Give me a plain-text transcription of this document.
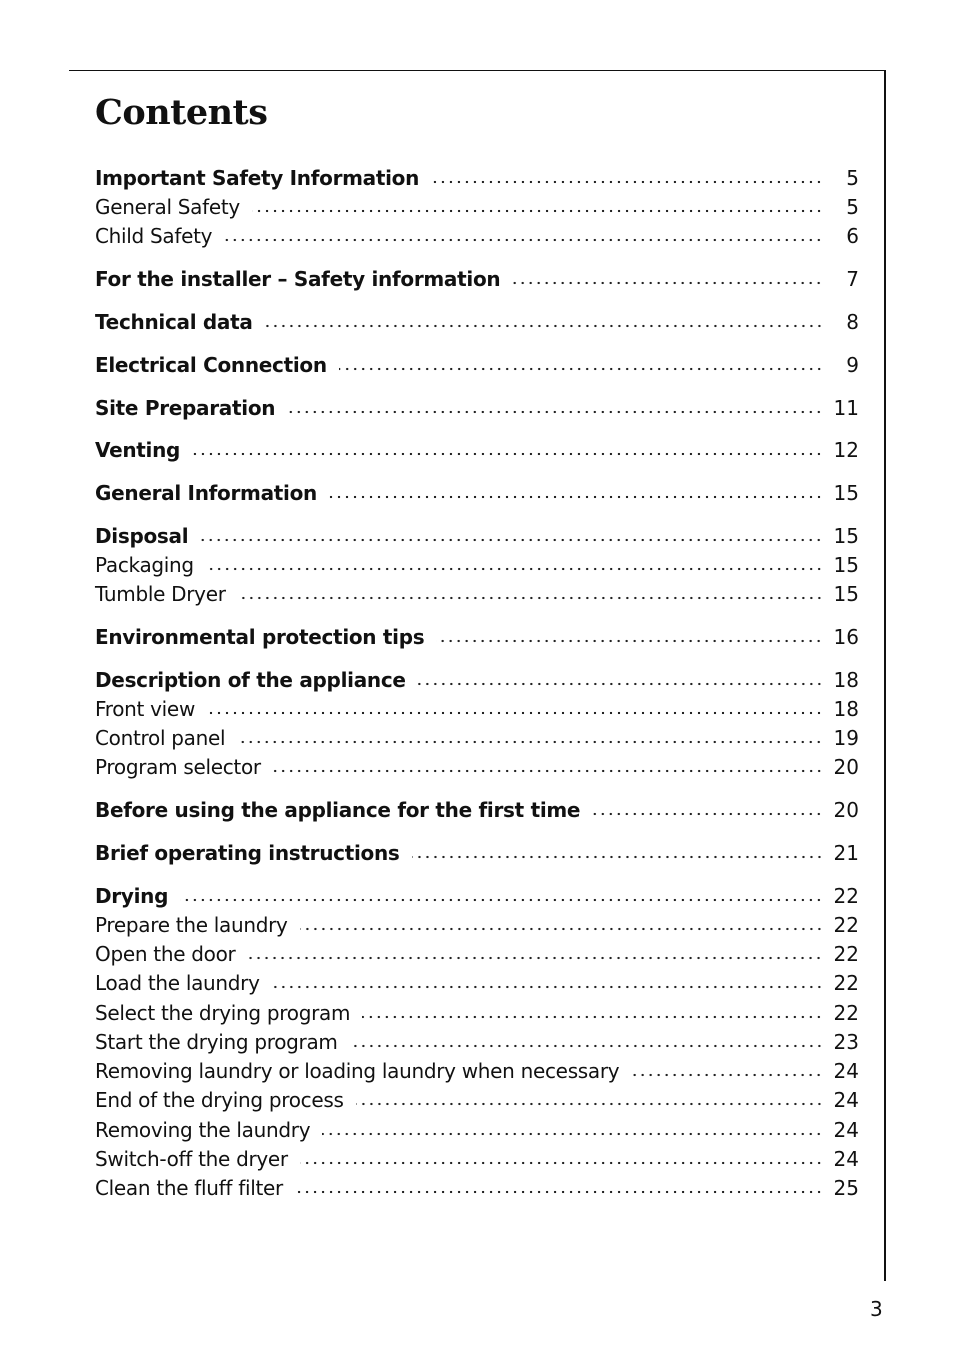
Contents
Important Safety Information	5
General Safety	5
Child Safety	6
For the installer – Safety information	7
Technical data	8
Electrical Connection	9
Site Preparation	11
Venting	12
General Information	15
Disposal	15
Packaging	15
Tumble Dryer	15
Environmental protection tips	16
Description of the appliance	18
Front view	18
Control panel	19
Program selector	20
Before using the appliance for the first time	20
Brief operating instructions	21
Drying	22
Prepare the laundry	22
Open the door	22
Load the laundry	22
Select the drying program	22
Start the drying program	23
Removing laundry or loading laundry when necessary	24
End of the drying process	24
Removing the laundry	24
Switch-off the dryer	24
Clean the fluff filter	25
3
